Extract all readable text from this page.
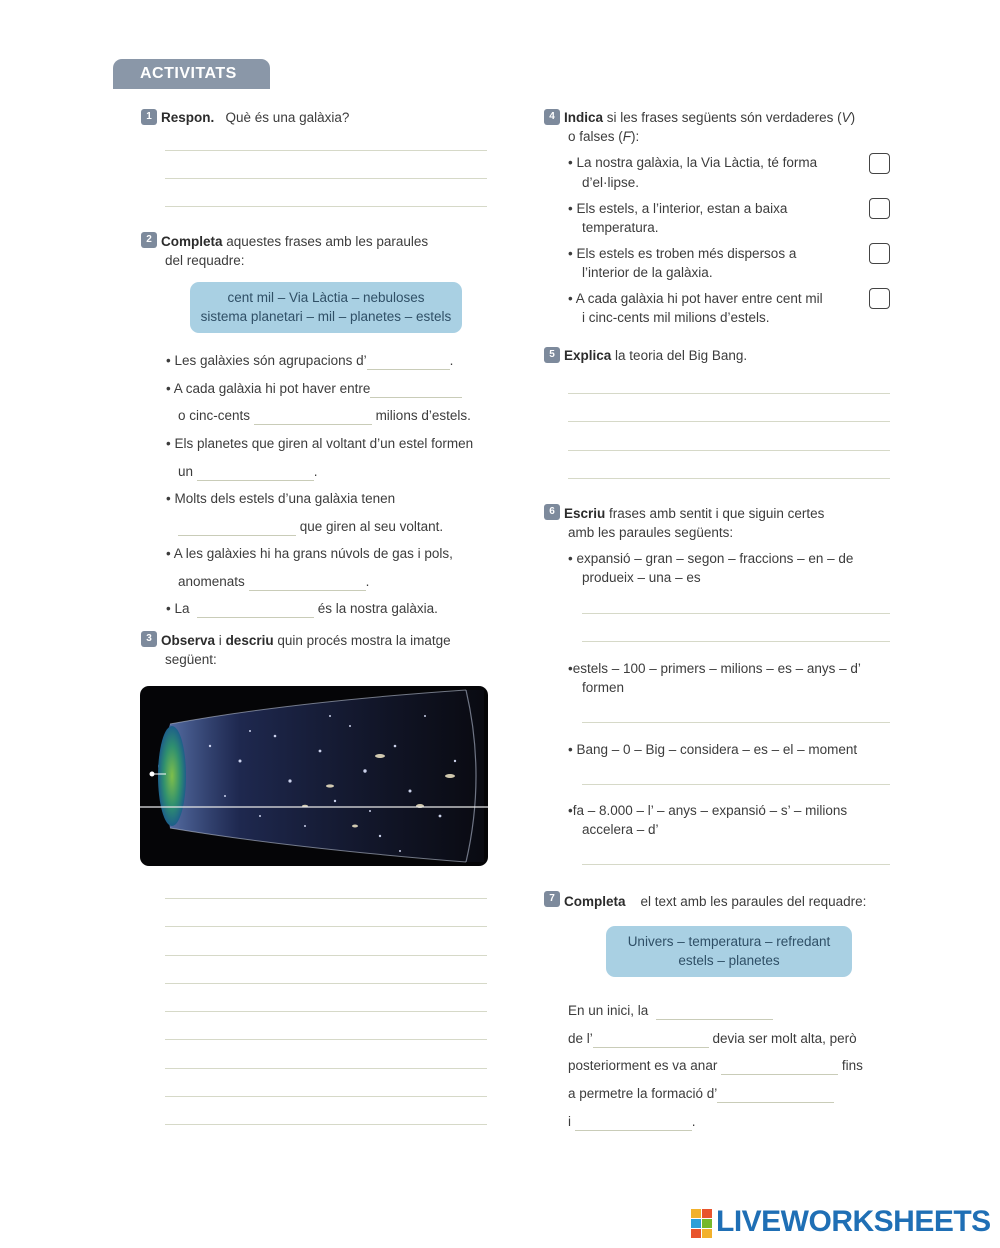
ACTIVITATS
1 Respon. Què és una galàxia?
2 Completa aquestes frases amb les paraules
del requadre:
cent mil – Via Làctia – nebuloses
sistema planetari – mil – planetes – estels
• Les galàxies són agrupacions d’	.
• A cada galàxia hi pot haver entre
o cinc-cents	milions d’estels.
• Els planetes que giren al voltant d’un estel formen
un	.
• Molts dels estels d’una galàxia tenen
que giren al seu voltant.
• A les galàxies hi ha grans núvols de gas i pols,
anomenats	.
• La	és la nostra galàxia.
3 Observa i descriu quin procés mostra la imatge
següent:
4 Indica si les frases següents són verdaderes (V)
o falses (F):
• La nostra galàxia, la Via Làctia, té forma
d’el·lipse.
• Els estels, a l’interior, estan a baixa
temperatura.
• Els estels es troben més dispersos a
l’interior de la galàxia.
• A cada galàxia hi pot haver entre cent mil
i cinc-cents mil milions d’estels.
5 Explica la teoria del Big Bang.
6 Escriu frases amb sentit i que siguin certes
amb les paraules següents:
• expansió – gran – segon – fraccions – en – de
produeix – una – es
•estels – 100 – primers – milions – es – anys – d’
formen
• Bang – 0 – Big – considera – es – el – moment
•fa – 8.000 – l’ – anys – expansió – s’ – milions
accelera – d’
7 Completa el text amb les paraules del requadre:
Univers – temperatura – refredant
estels – planetes
En un inici, la
de l’	devia ser molt alta, però
posteriorment es va anar	fins
a permetre la formació d’
i	.
LIVEWORKSHEETS
